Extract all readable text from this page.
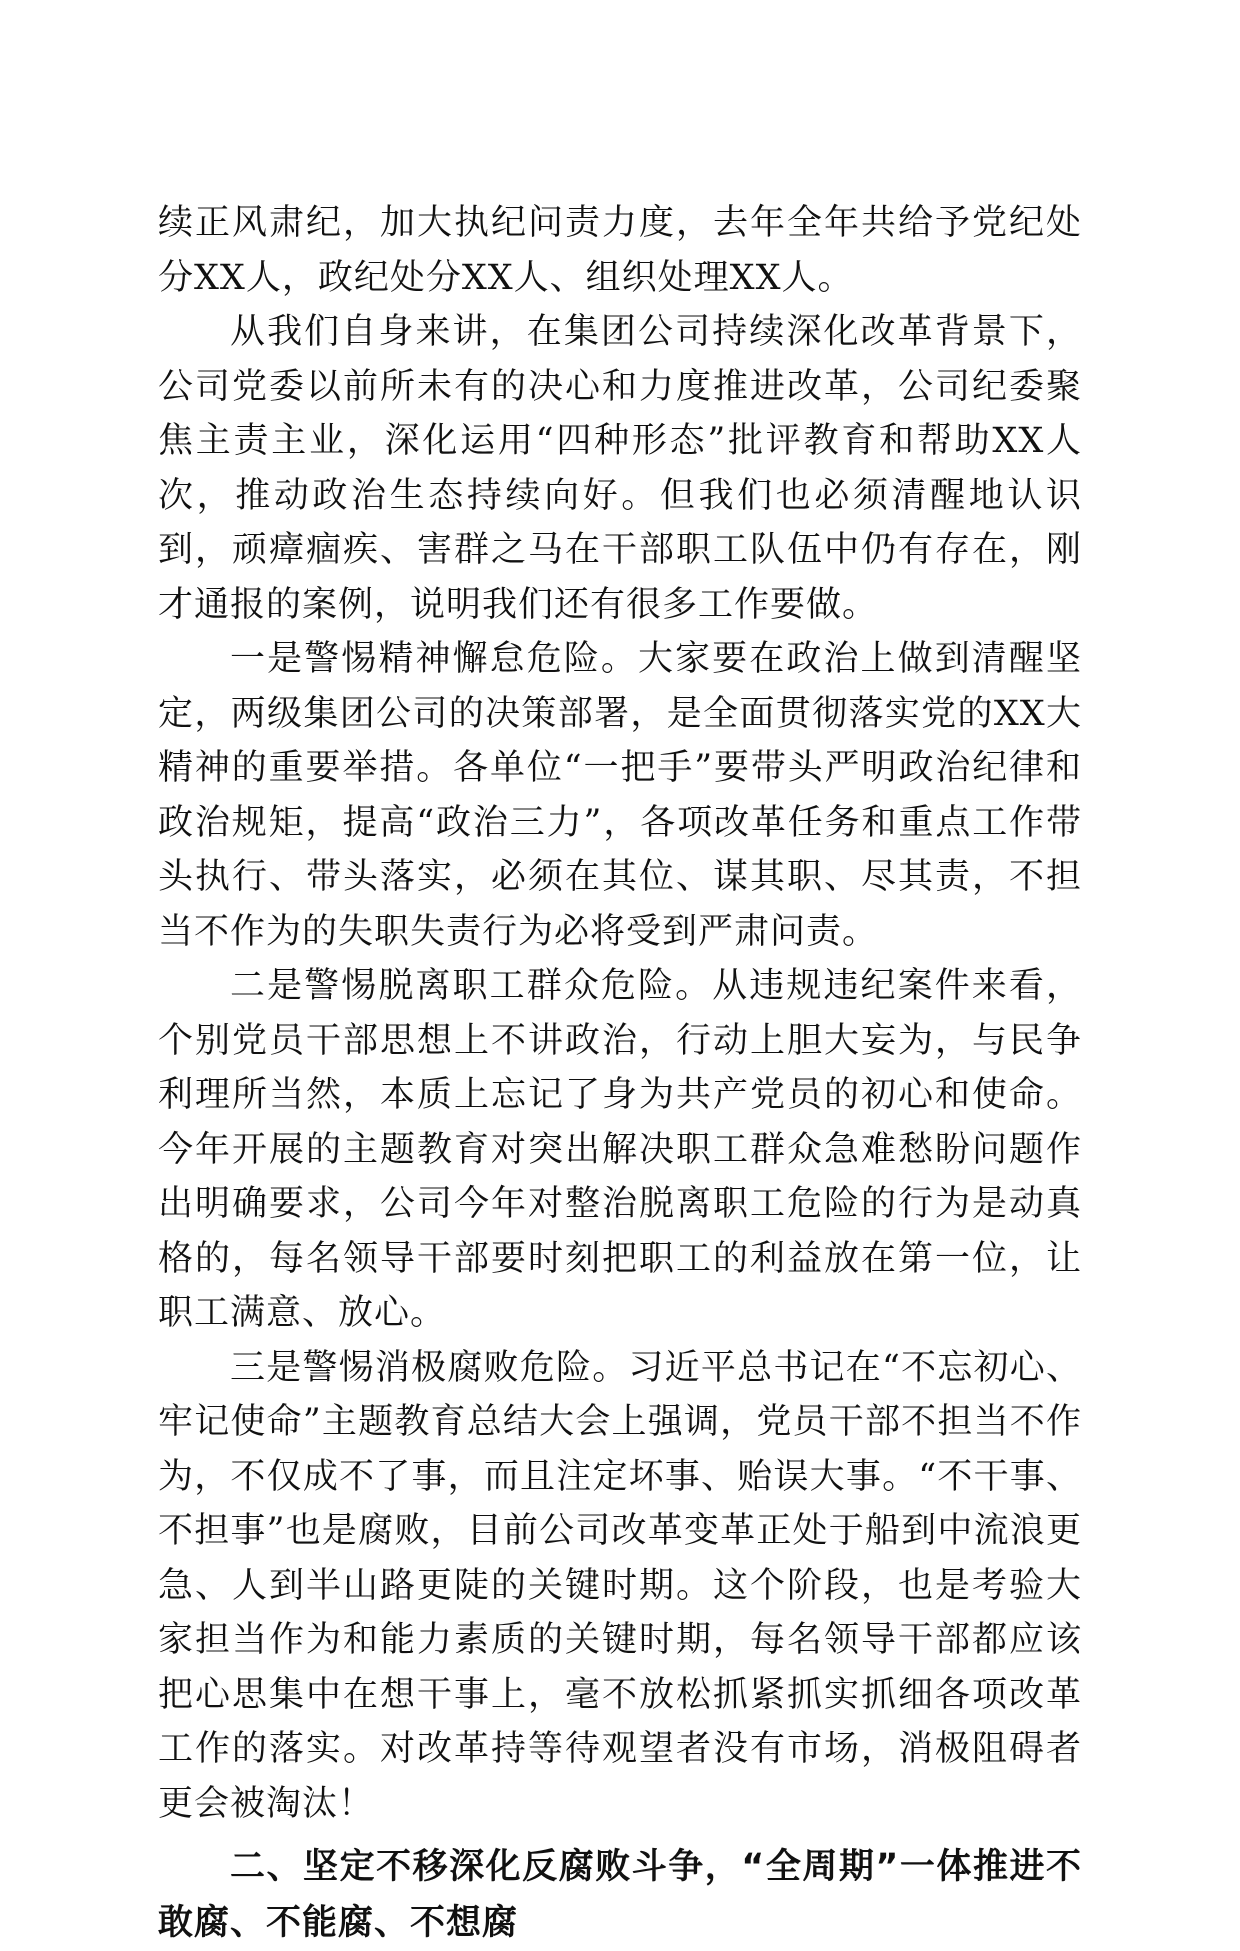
续正风肃纪，加大执纪问责力度，去年全年共给予党纪处分XX人，政纪处分XX人、组织处理XX人。

从我们自身来讲，在集团公司持续深化改革背景下，公司党委以前所未有的决心和力度推进改革，公司纪委聚焦主责主业，深化运用“四种形态”批评教育和帮助XX人次，推动政治生态持续向好。但我们也必须清醒地认识到，顽瘴痼疾、害群之马在干部职工队伍中仍有存在，刚才通报的案例，说明我们还有很多工作要做。

一是警惕精神懈怠危险。大家要在政治上做到清醒坚定，两级集团公司的决策部署，是全面贯彻落实党的XX大精神的重要举措。各单位“一把手”要带头严明政治纪律和政治规矩，提高“政治三力”，各项改革任务和重点工作带头执行、带头落实，必须在其位、谋其职、尽其责，不担当不作为的失职失责行为必将受到严肃问责。

二是警惕脱离职工群众危险。从违规违纪案件来看，个别党员干部思想上不讲政治，行动上胆大妄为，与民争利理所当然，本质上忘记了身为共产党员的初心和使命。今年开展的主题教育对突出解决职工群众急难愁盼问题作出明确要求，公司今年对整治脱离职工危险的行为是动真格的，每名领导干部要时刻把职工的利益放在第一位，让职工满意、放心。

三是警惕消极腐败危险。习近平总书记在“不忘初心、牢记使命”主题教育总结大会上强调，党员干部不担当不作为，不仅成不了事，而且注定坏事、贻误大事。“不干事、不担事”也是腐败，目前公司改革变革正处于船到中流浪更急、人到半山路更陡的关键时期。这个阶段，也是考验大家担当作为和能力素质的关键时期，每名领导干部都应该把心思集中在想干事上，毫不放松抓紧抓实抓细各项改革工作的落实。对改革持等待观望者没有市场，消极阻碍者更会被淘汰！

二、坚定不移深化反腐败斗争，“全周期”一体推进不敢腐、不能腐、不想腐
